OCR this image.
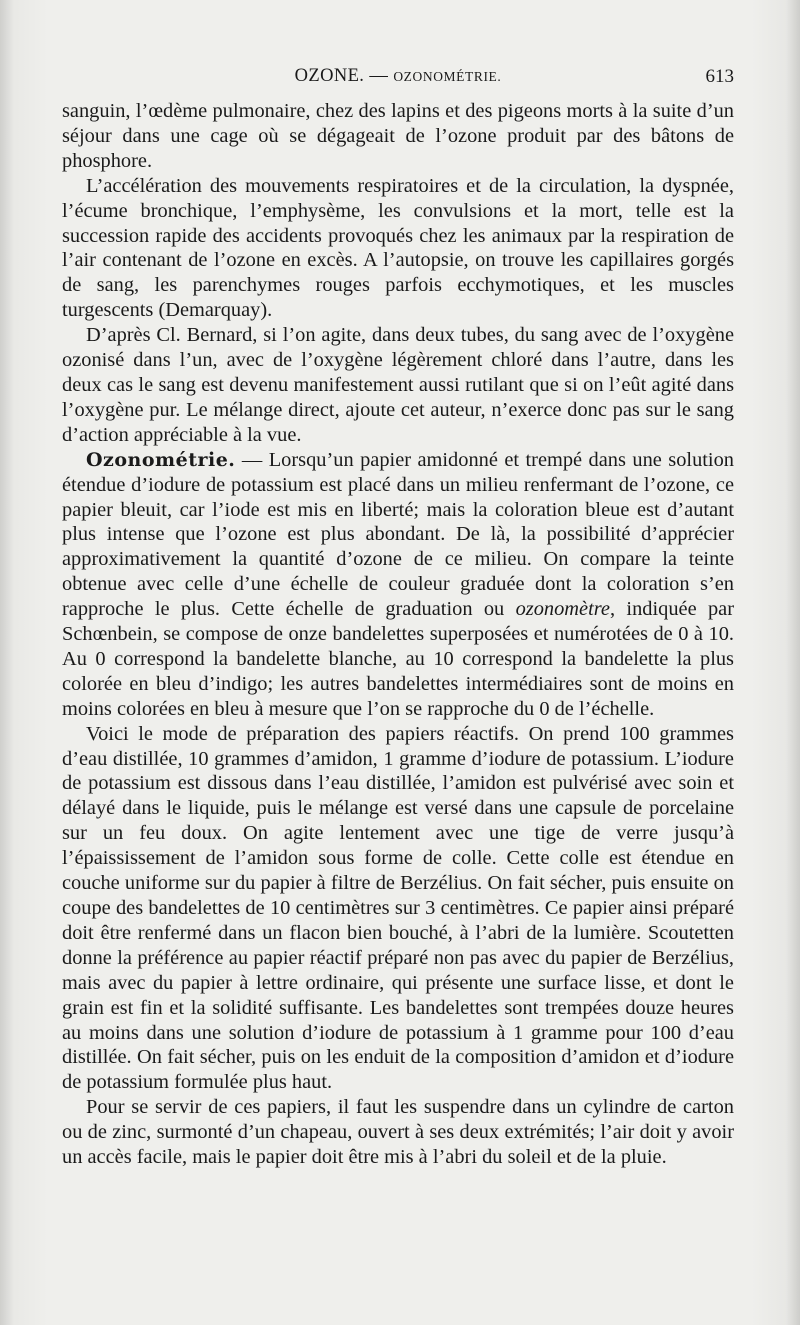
OZONE. — OZONOMÉTRIE.	613

sanguin, l’œdème pulmonaire, chez des lapins et des pigeons morts à la suite d’un séjour dans une cage où se dégageait de l’ozone produit par des bâtons de phosphore.

L’accélération des mouvements respiratoires et de la circulation, la dyspnée, l’écume bronchique, l’emphysème, les convulsions et la mort, telle est la succession rapide des accidents provoqués chez les animaux par la respiration de l’air contenant de l’ozone en excès. A l’autopsie, on trouve les capillaires gorgés de sang, les parenchymes rouges parfois ecchymotiques, et les muscles turgescents (Demarquay).

D’après Cl. Bernard, si l’on agite, dans deux tubes, du sang avec de l’oxygène ozonisé dans l’un, avec de l’oxygène légèrement chloré dans l’autre, dans les deux cas le sang est devenu manifestement aussi rutilant que si on l’eût agité dans l’oxygène pur. Le mélange direct, ajoute cet auteur, n’exerce donc pas sur le sang d’action appréciable à la vue.

Ozonométrie. — Lorsqu’un papier amidonné et trempé dans une solution étendue d’iodure de potassium est placé dans un milieu renfermant de l’ozone, ce papier bleuit, car l’iode est mis en liberté; mais la coloration bleue est d’autant plus intense que l’ozone est plus abondant. De là, la possibilité d’apprécier approximativement la quantité d’ozone de ce milieu. On compare la teinte obtenue avec celle d’une échelle de couleur graduée dont la coloration s’en rapproche le plus. Cette échelle de graduation ou ozonomètre, indiquée par Schœnbein, se compose de onze bandelettes superposées et numérotées de 0 à 10. Au 0 correspond la bandelette blanche, au 10 correspond la bandelette la plus colorée en bleu d’indigo; les autres bandelettes intermédiaires sont de moins en moins colorées en bleu à mesure que l’on se rapproche du 0 de l’échelle.

Voici le mode de préparation des papiers réactifs. On prend 100 grammes d’eau distillée, 10 grammes d’amidon, 1 gramme d’iodure de potassium. L’iodure de potassium est dissous dans l’eau distillée, l’amidon est pulvérisé avec soin et délayé dans le liquide, puis le mélange est versé dans une capsule de porcelaine sur un feu doux. On agite lentement avec une tige de verre jusqu’à l’épaississement de l’amidon sous forme de colle. Cette colle est étendue en couche uniforme sur du papier à filtre de Berzélius. On fait sécher, puis ensuite on coupe des bandelettes de 10 centimètres sur 3 centimètres. Ce papier ainsi préparé doit être renfermé dans un flacon bien bouché, à l’abri de la lumière. Scoutetten donne la préférence au papier réactif préparé non pas avec du papier de Berzélius, mais avec du papier à lettre ordinaire, qui présente une surface lisse, et dont le grain est fin et la solidité suffisante. Les bandelettes sont trempées douze heures au moins dans une solution d’iodure de potassium à 1 gramme pour 100 d’eau distillée. On fait sécher, puis on les enduit de la composition d’amidon et d’iodure de potassium formulée plus haut.

Pour se servir de ces papiers, il faut les suspendre dans un cylindre de carton ou de zinc, surmonté d’un chapeau, ouvert à ses deux extrémités; l’air doit y avoir un accès facile, mais le papier doit être mis à l’abri du soleil et de la pluie.
